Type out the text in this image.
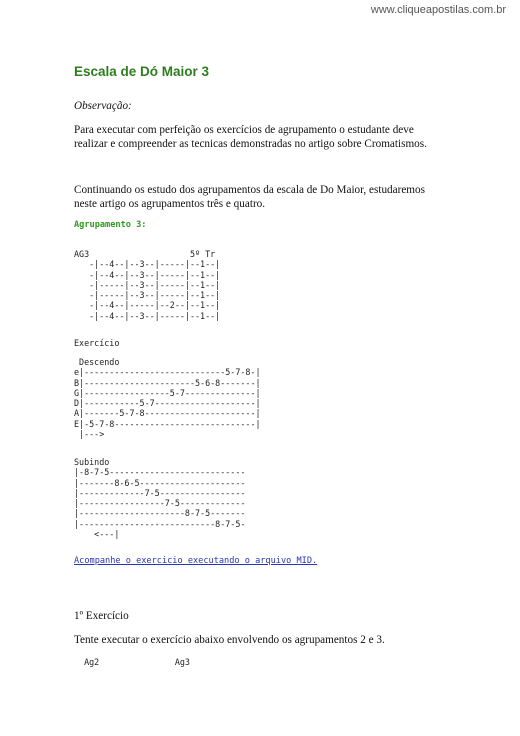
www.cliqueapostilas.com.br
Escala de Dó Maior 3

Observação:

Para executar com perfeição os exercícios de agrupamento o estudante deve realizar e compreender as tecnicas demonstradas no artigo sobre Cromatismos.

Continuando os estudo dos agrupamentos da escala de Do Maior, estudaremos neste artigo os agrupamentos três e quatro.

Agrupamento 3:
AG3                    5º Tr
-|--4--|--3--|-----|--1--|
-|--4--|--3--|-----|--1--|
-|-----|--3--|-----|--1--|
-|-----|--3--|-----|--1--|
-|--4--|-----|--2--|--1--|
-|--4--|--3--|-----|--1--|
Exercício
Descendo
e|----------------------------5-7-8-|
B|----------------------5-6-8-------|
G|-----------------5-7--------------|
D|-----------5-7--------------------|
A|-------5-7-8----------------------|
E|-5-7-8----------------------------|
|--->
Subindo
|-8-7-5---------------------------
|-------8-6-5---------------------
|-------------7-5-----------------
|-----------------7-5-------------
|---------------------8-7-5-------
|---------------------------8-7-5-
<---|
Acompanhe o exercicio executando o arquivo MID.

1º Exercício

Tente executar o exercício abaixo envolvendo os agrupamentos 2 e 3.

Ag2               Ag3
